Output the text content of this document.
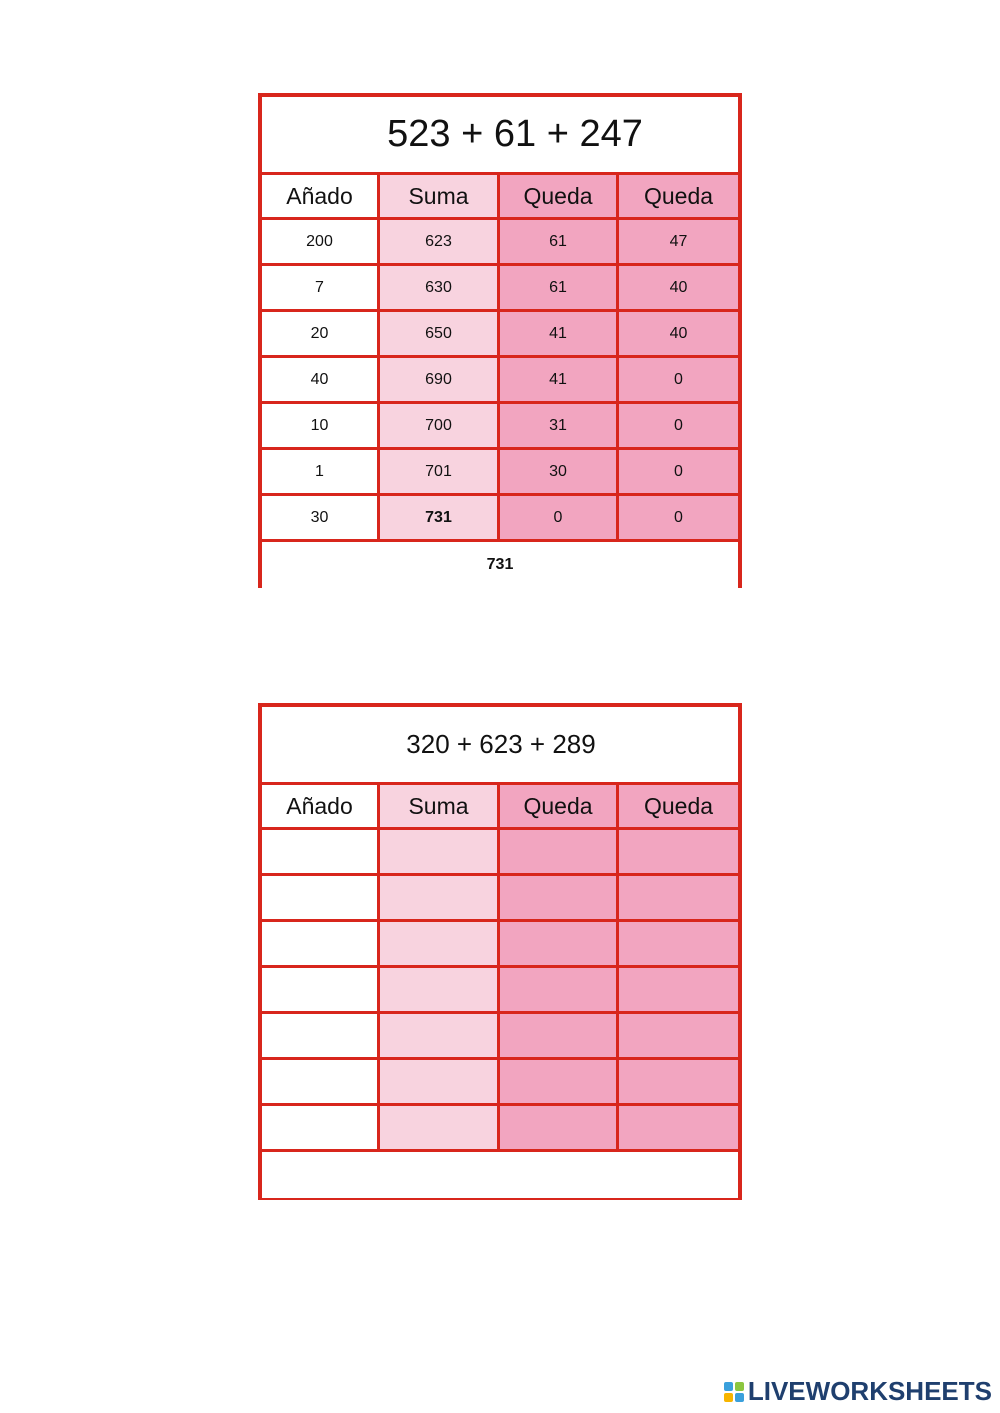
523 + 61 + 247
Añado	Suma	Queda	Queda
200	623	61	47
7	630	61	40
20	650	41	40
40	690	41	0
10	700	31	0
1	701	30	0
30	731	0	0
731
320 + 623 + 289
Añado	Suma	Queda	Queda
LIVEWORKSHEETS
